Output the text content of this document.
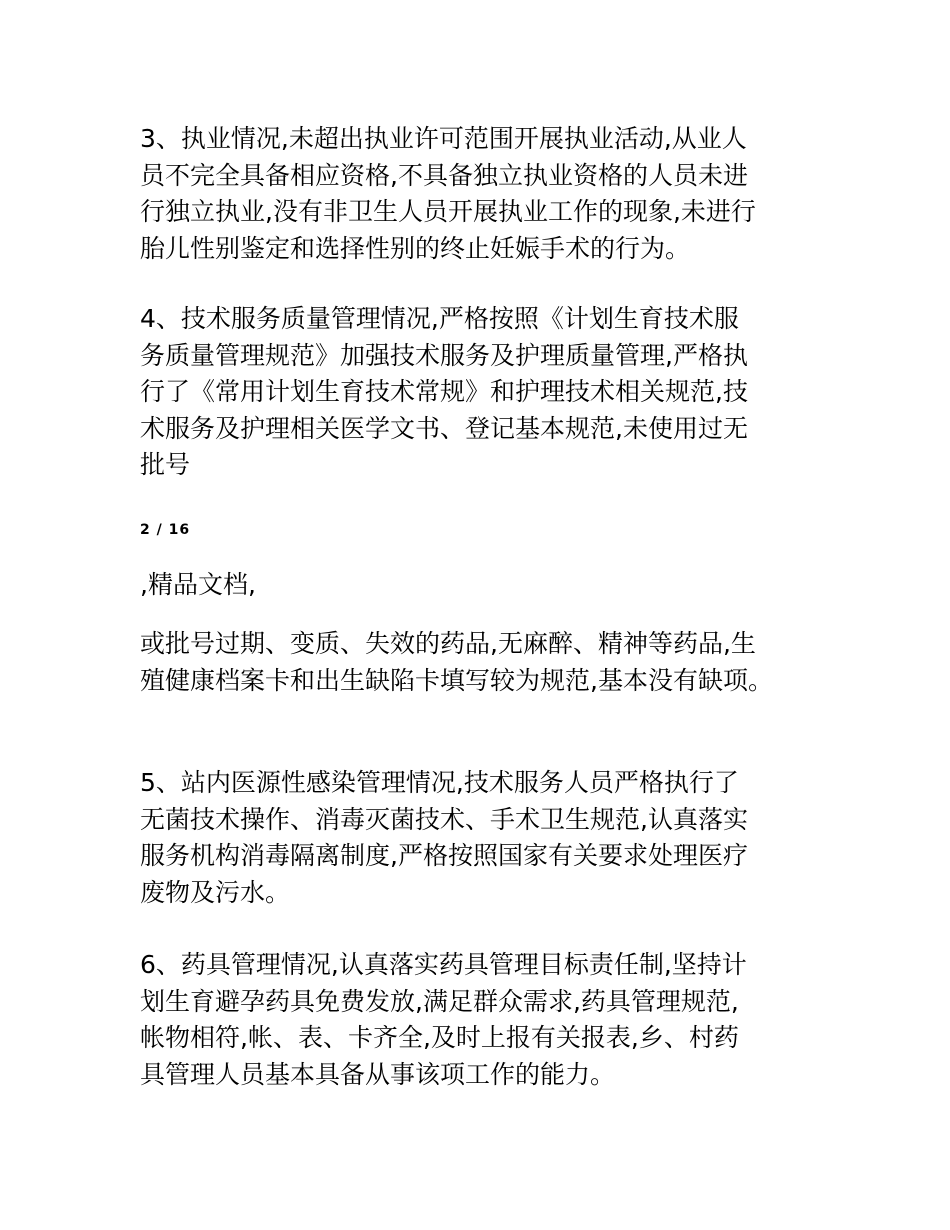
3、执业情况,未超出执业许可范围开展执业活动,从业人
员不完全具备相应资格,不具备独立执业资格的人员未进
行独立执业,没有非卫生人员开展执业工作的现象,未进行
胎儿性别鉴定和选择性别的终止妊娠手术的行为。
4、技术服务质量管理情况,严格按照《计划生育技术服
务质量管理规范》加强技术服务及护理质量管理,严格执
行了《常用计划生育技术常规》和护理技术相关规范,技
术服务及护理相关医学文书、登记基本规范,未使用过无
批号
2 / 16
,精品文档,
或批号过期、变质、失效的药品,无麻醉、精神等药品,生
殖健康档案卡和出生缺陷卡填写较为规范,基本没有缺项。
5、站内医源性感染管理情况,技术服务人员严格执行了
无菌技术操作、消毒灭菌技术、手术卫生规范,认真落实
服务机构消毒隔离制度,严格按照国家有关要求处理医疗
废物及污水。
6、药具管理情况,认真落实药具管理目标责任制,坚持计
划生育避孕药具免费发放,满足群众需求,药具管理规范,
帐物相符,帐、表、卡齐全,及时上报有关报表,乡、村药
具管理人员基本具备从事该项工作的能力。
